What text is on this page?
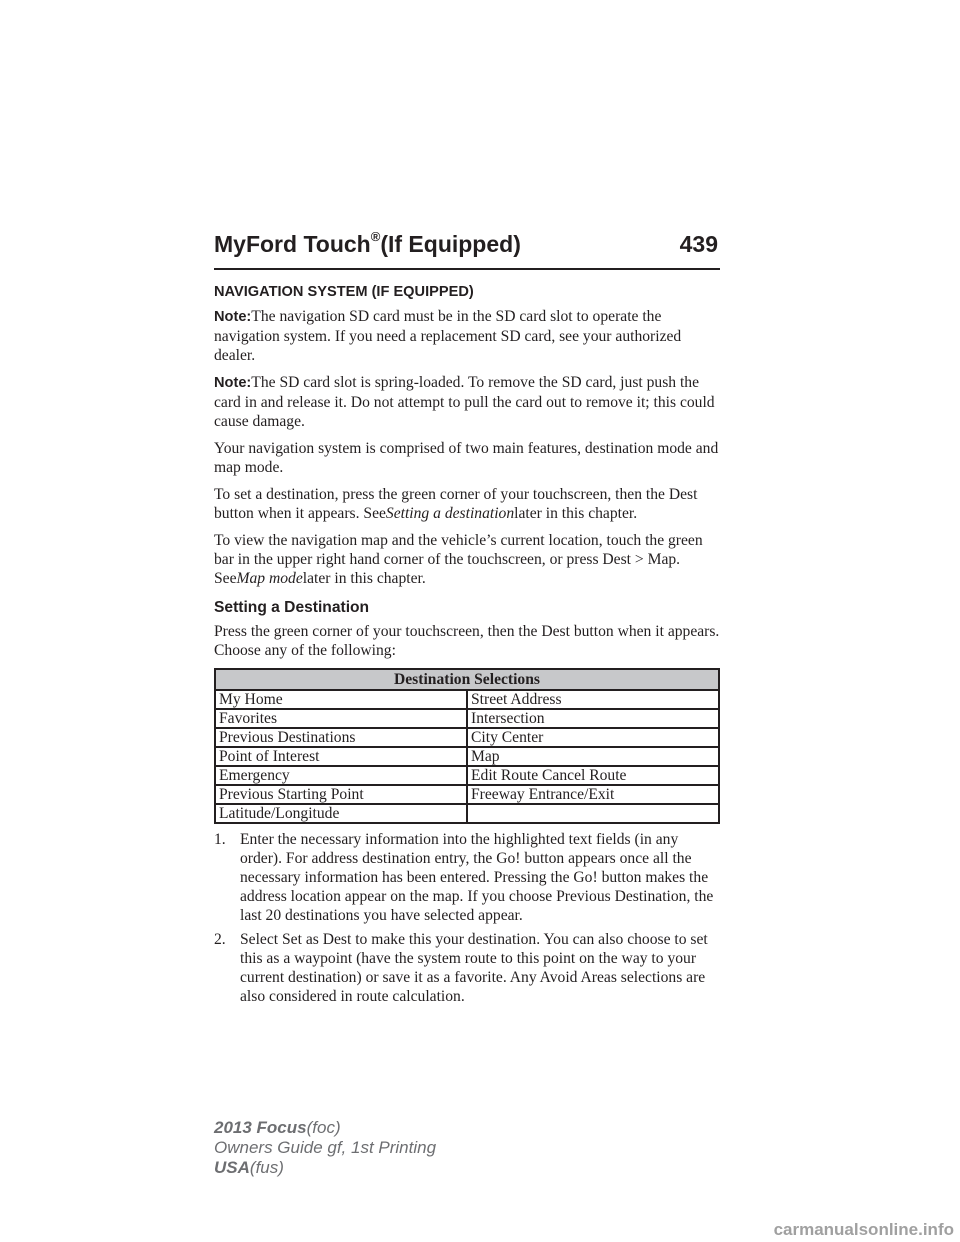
MyFord Touch®(If Equipped)	439
NAVIGATION SYSTEM (IF EQUIPPED)

Note:The navigation SD card must be in the SD card slot to operate the navigation system. If you need a replacement SD card, see your authorized dealer.

Note:The SD card slot is spring-loaded. To remove the SD card, just push the card in and release it. Do not attempt to pull the card out to remove it; this could cause damage.

Your navigation system is comprised of two main features, destination mode and map mode.

To set a destination, press the green corner of your touchscreen, then the Dest button when it appears. SeeSetting a destinationlater in this chapter.

To view the navigation map and the vehicle’s current location, touch the green bar in the upper right hand corner of the touchscreen, or press Dest > Map. SeeMap modelater in this chapter.

Setting a Destination

Press the green corner of your touchscreen, then the Dest button when it appears. Choose any of the following:

Destination Selections	
My Home	Street Address
Favorites	Intersection
Previous Destinations	City Center
Point of Interest	Map
Emergency	Edit Route Cancel Route
Previous Starting Point	Freeway Entrance/Exit
Latitude/Longitude	
1. Enter the necessary information into the highlighted text fields (in any order). For address destination entry, the Go! button appears once all the necessary information has been entered. Pressing the Go! button makes the address location appear on the map. If you choose Previous Destination, the last 20 destinations you have selected appear.
2. Select Set as Dest to make this your destination. You can also choose to set this as a waypoint (have the system route to this point on the way to your current destination) or save it as a favorite. Any Avoid Areas selections are also considered in route calculation.
2013 Focus(foc)
Owners Guide gf, 1st Printing
USA(fus)
carmanualsonline.info
